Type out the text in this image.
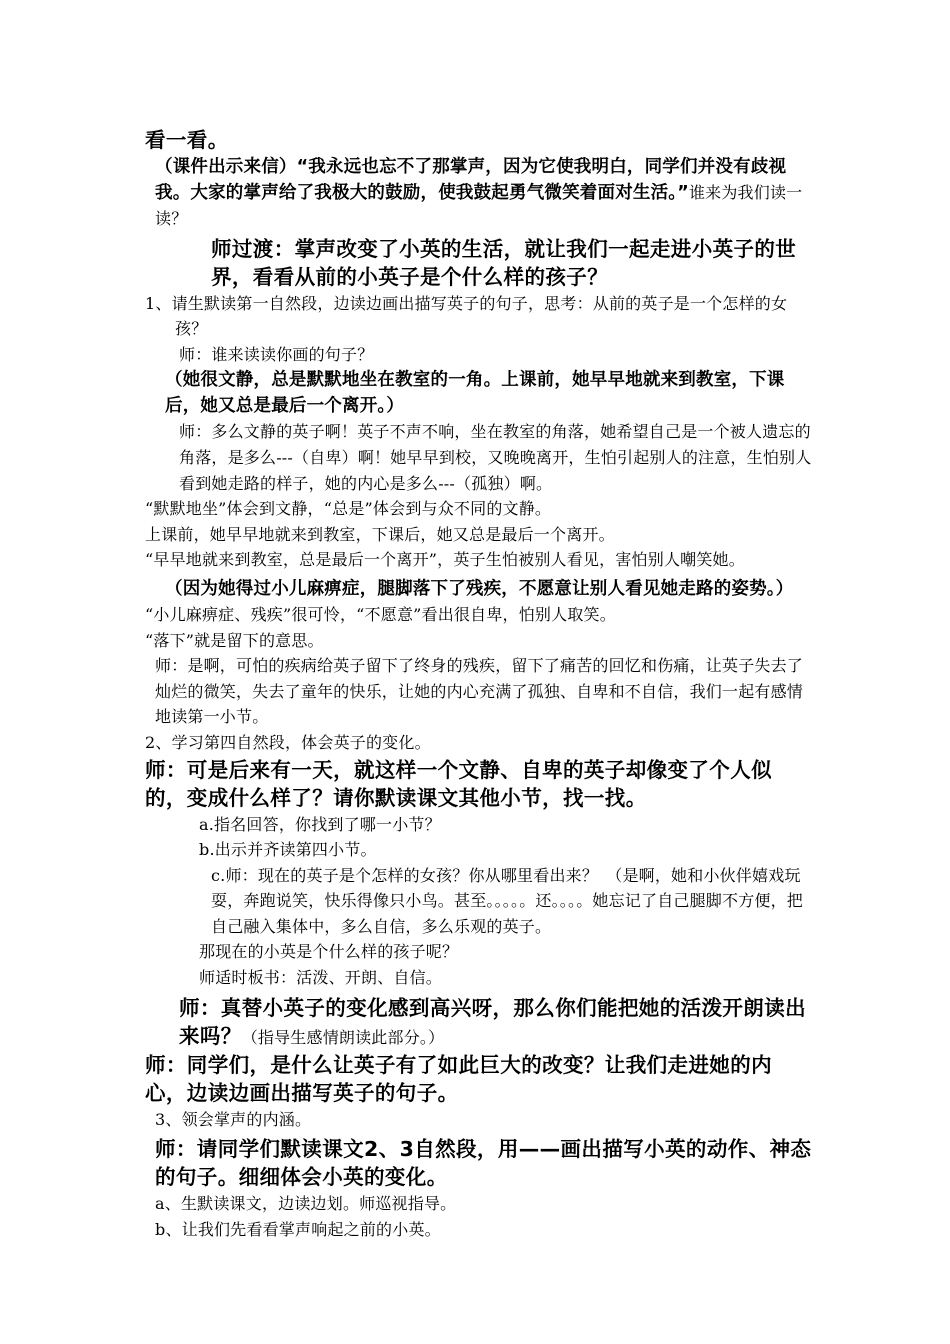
看一看。

（课件出示来信）“我永远也忘不了那掌声，因为它使我明白，同学们并没有歧视我。大家的掌声给了我极大的鼓励，使我鼓起勇气微笑着面对生活。”谁来为我们读一读？

师过渡：掌声改变了小英的生活，就让我们一起走进小英子的世界，看看从前的小英子是个什么样的孩子？

1、请生默读第一自然段，边读边画出描写英子的句子，思考：从前的英子是一个怎样的女孩？

师：谁来读读你画的句子？

（她很文静，总是默默地坐在教室的一角。上课前，她早早地就来到教室，下课后，她又总是最后一个离开。）

师：多么文静的英子啊！英子不声不响，坐在教室的角落，她希望自己是一个被人遗忘的角落，是多么---（自卑）啊！她早早到校，又晚晚离开，生怕引起别人的注意，生怕别人看到她走路的样子，她的内心是多么---（孤独）啊。

“默默地坐”体会到文静，“总是”体会到与众不同的文静。

上课前，她早早地就来到教室，下课后，她又总是最后一个离开。

“早早地就来到教室，总是最后一个离开”，英子生怕被别人看见，害怕别人嘲笑她。

（因为她得过小儿麻痹症，腿脚落下了残疾，不愿意让别人看见她走路的姿势。）

“小儿麻痹症、残疾”很可怜，“不愿意”看出很自卑，怕别人取笑。

“落下”就是留下的意思。

师：是啊，可怕的疾病给英子留下了终身的残疾，留下了痛苦的回忆和伤痛，让英子失去了灿烂的微笑，失去了童年的快乐，让她的内心充满了孤独、自卑和不自信，我们一起有感情地读第一小节。

2、学习第四自然段，体会英子的变化。

师：可是后来有一天，就这样一个文静、自卑的英子却像变了个人似的，变成什么样了？请你默读课文其他小节，找一找。

a.指名回答，你找到了哪一小节？

b.出示并齐读第四小节。

c.师：现在的英子是个怎样的女孩？你从哪里看出来？　（是啊，她和小伙伴嬉戏玩耍，奔跑说笑，快乐得像只小鸟。甚至。。。。。还。。。。她忘记了自己腿脚不方便，把自己融入集体中，多么自信，多么乐观的英子。

那现在的小英是个什么样的孩子呢？

师适时板书：活泼、开朗、自信。

师：真替小英子的变化感到高兴呀，那么你们能把她的活泼开朗读出来吗？（指导生感情朗读此部分。）

师：同学们，是什么让英子有了如此巨大的改变？让我们走进她的内心，边读边画出描写英子的句子。

3、领会掌声的内涵。

师：请同学们默读课文2、3自然段，用——画出描写小英的动作、神态的句子。细细体会小英的变化。

a、生默读课文，边读边划。师巡视指导。

b、让我们先看看掌声响起之前的小英。
